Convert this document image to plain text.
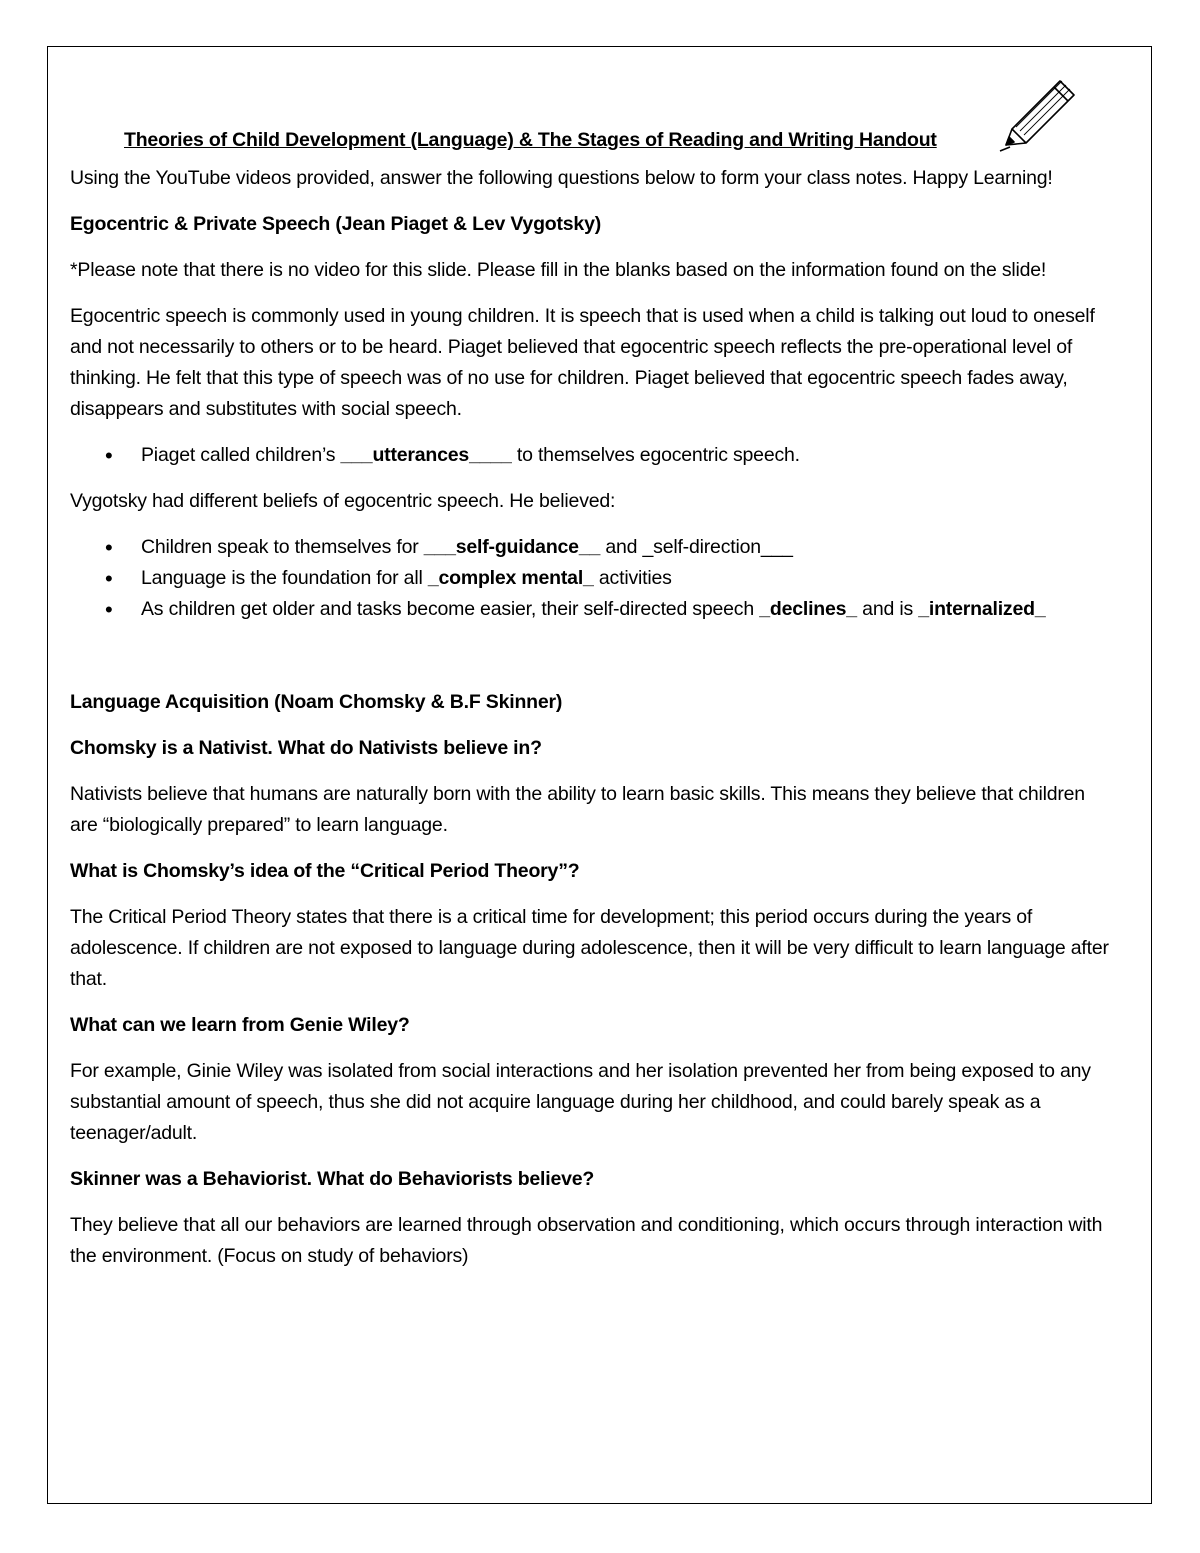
Theories of Child Development (Language) & The Stages of Reading and Writing Handout

Using the YouTube videos provided, answer the following questions below to form your class notes. Happy Learning!

Egocentric & Private Speech (Jean Piaget & Lev Vygotsky)

*Please note that there is no video for this slide. Please fill in the blanks based on the information found on the slide!

Egocentric speech is commonly used in young children. It is speech that is used when a child is talking out loud to oneself and not necessarily to others or to be heard. Piaget believed that egocentric speech reflects the pre-operational level of thinking. He felt that this type of speech was of no use for children. Piaget believed that egocentric speech fades away, disappears and substitutes with social speech.

• Piaget called children’s ___utterances____ to themselves egocentric speech.

Vygotsky had different beliefs of egocentric speech. He believed:

• Children speak to themselves for ___self-guidance__ and _self-direction___
• Language is the foundation for all _complex mental_ activities
• As children get older and tasks become easier, their self-directed speech _declines_ and is _internalized_
Language Acquisition (Noam Chomsky & B.F Skinner)
Chomsky is a Nativist. What do Nativists believe in?

Nativists believe that humans are naturally born with the ability to learn basic skills. This means they believe that children are “biologically prepared” to learn language.

What is Chomsky’s idea of the “Critical Period Theory”?

The Critical Period Theory states that there is a critical time for development; this period occurs during the years of adolescence. If children are not exposed to language during adolescence, then it will be very difficult to learn language after that.

What can we learn from Genie Wiley?

For example, Ginie Wiley was isolated from social interactions and her isolation prevented her from being exposed to any substantial amount of speech, thus she did not acquire language during her childhood, and could barely speak as a teenager/adult.

Skinner was a Behaviorist. What do Behaviorists believe?

They believe that all our behaviors are learned through observation and conditioning, which occurs through interaction with the environment. (Focus on study of behaviors)
